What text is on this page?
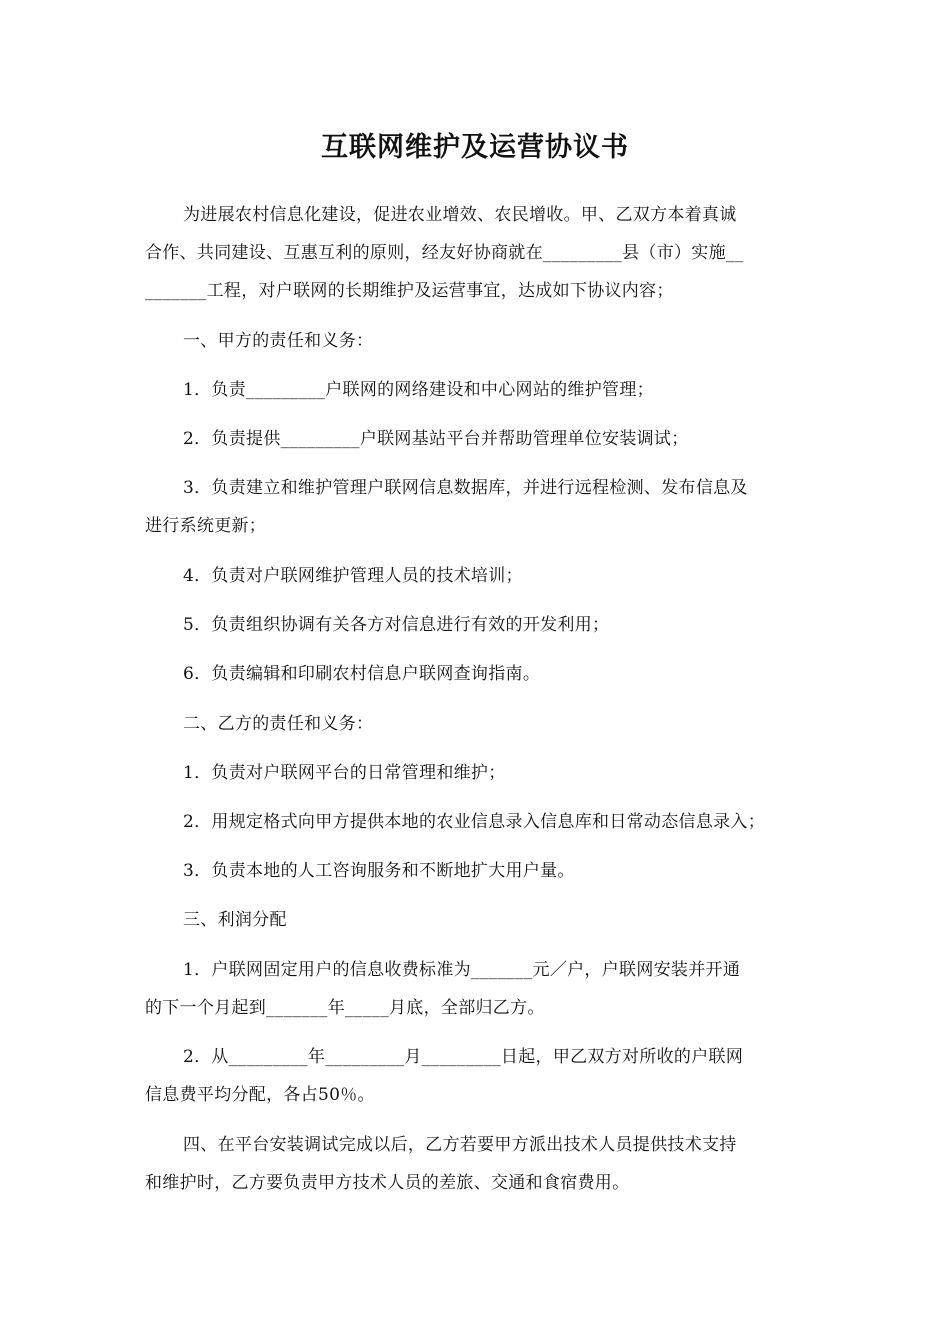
互联网维护及运营协议书
为进展农村信息化建设，促进农业增效、农民增收。甲、乙双方本着真诚
合作、共同建设、互惠互利的原则，经友好协商就在_________县（市）实施__
_______工程，对户联网的长期维护及运营事宜，达成如下协议内容；
一、甲方的责任和义务：
1．负责_________户联网的网络建设和中心网站的维护管理；
2．负责提供_________户联网基站平台并帮助管理单位安装调试；
3．负责建立和维护管理户联网信息数据库，并进行远程检测、发布信息及
进行系统更新；
4．负责对户联网维护管理人员的技术培训；
5．负责组织协调有关各方对信息进行有效的开发利用；
6．负责编辑和印刷农村信息户联网查询指南。
二、乙方的责任和义务：
1．负责对户联网平台的日常管理和维护；
2．用规定格式向甲方提供本地的农业信息录入信息库和日常动态信息录入；
3．负责本地的人工咨询服务和不断地扩大用户量。
三、利润分配
1．户联网固定用户的信息收费标准为_______元／户，户联网安装并开通
的下一个月起到_______年_____月底，全部归乙方。
2．从_________年_________月_________日起，甲乙双方对所收的户联网
信息费平均分配，各占50％。
四、在平台安装调试完成以后，乙方若要甲方派出技术人员提供技术支持
和维护时，乙方要负责甲方技术人员的差旅、交通和食宿费用。
